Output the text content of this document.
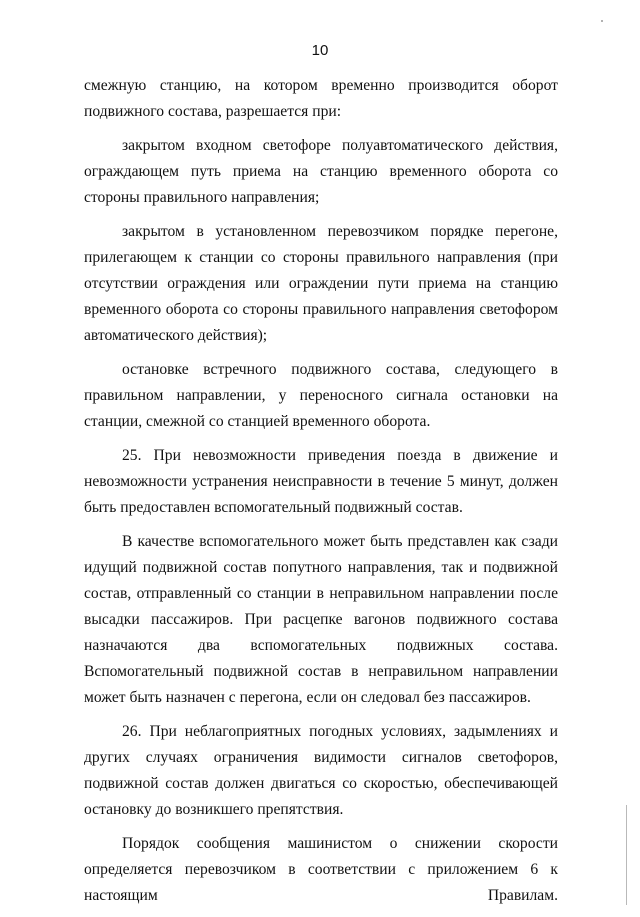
10

смежную станцию, на котором временно производится оборот подвижного состава, разрешается при:

закрытом входном светофоре полуавтоматического действия, ограждающем путь приема на станцию временного оборота со стороны правильного направления;

закрытом в установленном перевозчиком порядке перегоне, прилегающем к станции со стороны правильного направления (при отсутствии ограждения или ограждении пути приема на станцию временного оборота со стороны правильного направления светофором автоматического действия);

остановке встречного подвижного состава, следующего в правильном направлении, у переносного сигнала остановки на станции, смежной со станцией временного оборота.

25. При невозможности приведения поезда в движение и невозможности устранения неисправности в течение 5 минут, должен быть предоставлен вспомогательный подвижный состав.

В качестве вспомогательного может быть представлен как сзади идущий подвижной состав попутного направления, так и подвижной состав, отправленный со станции в неправильном направлении после высадки пассажиров. При расцепке вагонов подвижного состава назначаются два вспомогательных подвижных состава. Вспомогательный подвижной состав в неправильном направлении может быть назначен с перегона, если он следовал без пассажиров.

26. При неблагоприятных погодных условиях, задымлениях и других случаях ограничения видимости сигналов светофоров, подвижной состав должен двигаться со скоростью, обеспечивающей остановку до возникшего препятствия.

Порядок сообщения машинистом о снижении скорости определяется перевозчиком в соответствии с приложением 6 к настоящим Правилам.
